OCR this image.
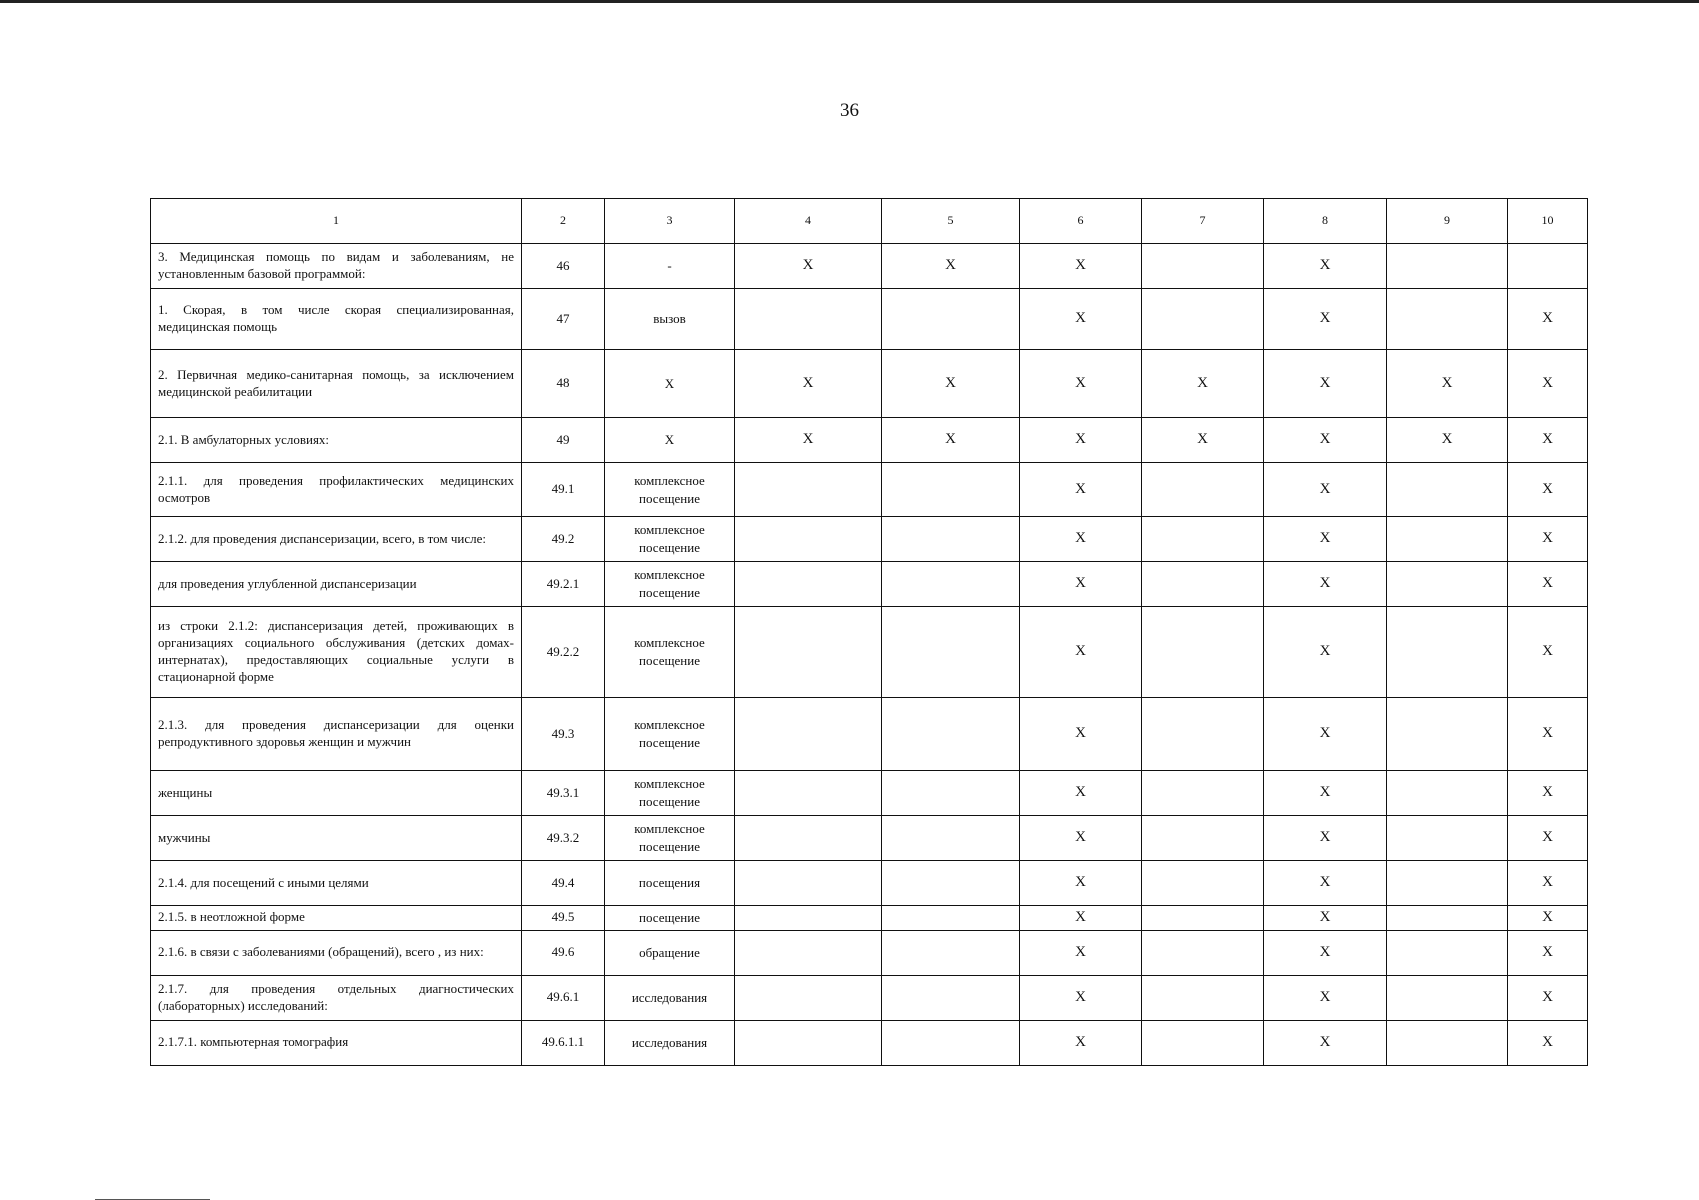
36
1	2	3	4	5	6	7	8	9	10
3. Медицинская помощь по видам и заболеваниям, не установленным базовой программой:	46	-	X	X	X		X		
1. Скорая, в том числе скорая специализированная, медицинская помощь	47	вызов			X		X		X
2. Первичная медико-санитарная помощь, за исключением медицинской реабилитации	48	X	X	X	X	X	X	X	X
2.1. В амбулаторных условиях:	49	X	X	X	X	X	X	X	X
2.1.1. для проведения профилактических медицинских осмотров	49.1	комплексное посещение			X		X		X
2.1.2. для проведения диспансеризации, всего, в том числе:	49.2	комплексное посещение			X		X		X
для проведения углубленной диспансеризации	49.2.1	комплексное посещение			X		X		X
из строки 2.1.2: диспансеризация детей, проживающих в организациях социального обслуживания (детских домах-интернатах), предоставляющих социальные услуги в стационарной форме	49.2.2	комплексное посещение			X		X		X
2.1.3. для проведения диспансеризации для оценки репродуктивного здоровья женщин и мужчин	49.3	комплексное посещение			X		X		X
женщины	49.3.1	комплексное посещение			X		X		X
мужчины	49.3.2	комплексное посещение			X		X		X
2.1.4. для посещений с иными целями	49.4	посещения			X		X		X
2.1.5. в неотложной форме	49.5	посещение			X		X		X
2.1.6. в связи с заболеваниями (обращений), всего , из них:	49.6	обращение			X		X		X
2.1.7. для проведения отдельных диагностических (лабораторных) исследований:	49.6.1	исследования			X		X		X
2.1.7.1. компьютерная томография	49.6.1.1	исследования			X		X		X
